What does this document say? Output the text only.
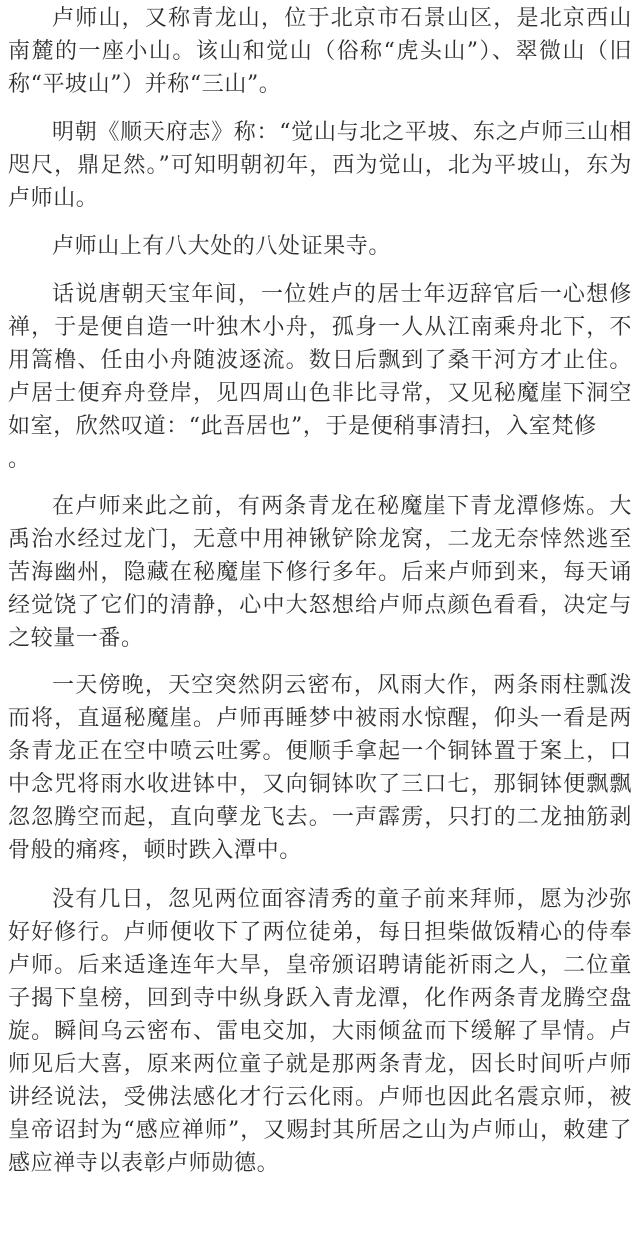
卢师山，又称青龙山，位于北京市石景山区，是北京西山南麓的一座小山。该山和觉山（俗称“虎头山”）、翠微山（旧称“平坡山”）并称“三山”。

明朝《顺天府志》称：“觉山与北之平坡、东之卢师三山相咫尺，鼎足然。”可知明朝初年，西为觉山，北为平坡山，东为卢师山。

卢师山上有八大处的八处证果寺。

话说唐朝天宝年间，一位姓卢的居士年迈辞官后一心想修禅，于是便自造一叶独木小舟，孤身一人从江南乘舟北下，不用篙橹、任由小舟随波逐流。数日后飘到了桑干河方才止住。卢居士便弃舟登岸，见四周山色非比寻常，又见秘魔崖下洞空如室，欣然叹道：“此吾居也”，于是便稍事清扫，入室梵修
。

在卢师来此之前，有两条青龙在秘魔崖下青龙潭修炼。大禹治水经过龙门，无意中用神锹铲除龙窝，二龙无奈悻然逃至苦海幽州，隐藏在秘魔崖下修行多年。后来卢师到来，每天诵经觉饶了它们的清静，心中大怒想给卢师点颜色看看，决定与之较量一番。

一天傍晚，天空突然阴云密布，风雨大作，两条雨柱瓢泼而将，直逼秘魔崖。卢师再睡梦中被雨水惊醒，仰头一看是两条青龙正在空中喷云吐雾。便顺手拿起一个铜钵置于案上，口中念咒将雨水收进钵中，又向铜钵吹了三口七，那铜钵便飘飘忽忽腾空而起，直向孽龙飞去。一声霹雳，只打的二龙抽筋剥骨般的痛疼，顿时跌入潭中。

没有几日，忽见两位面容清秀的童子前来拜师，愿为沙弥好好修行。卢师便收下了两位徒弟，每日担柴做饭精心的侍奉卢师。后来适逢连年大旱，皇帝颁诏聘请能祈雨之人，二位童子揭下皇榜，回到寺中纵身跃入青龙潭，化作两条青龙腾空盘旋。瞬间乌云密布、雷电交加，大雨倾盆而下缓解了旱情。卢师见后大喜，原来两位童子就是那两条青龙，因长时间听卢师讲经说法，受佛法感化才行云化雨。卢师也因此名震京师，被皇帝诏封为“感应禅师”，又赐封其所居之山为卢师山，敕建了感应禅寺以表彰卢师勋德。
